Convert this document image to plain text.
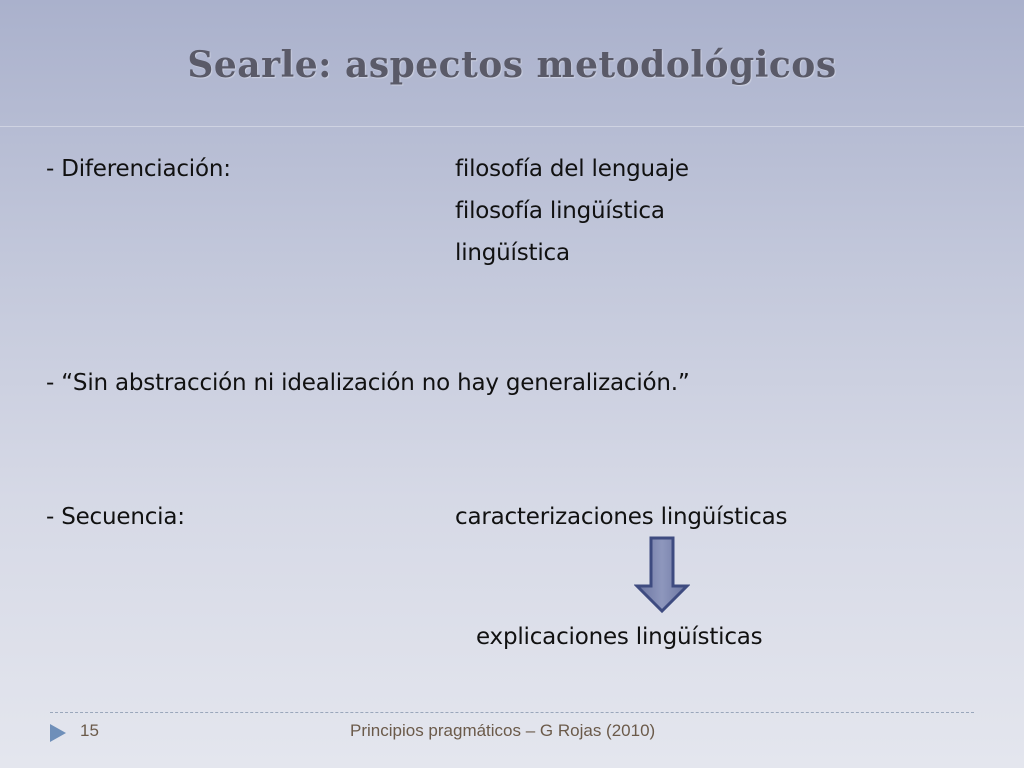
Searle: aspectos metodológicos
- Diferenciación:	filosofía del lenguaje
filosofía lingüística
lingüística
- “Sin abstracción ni idealización no hay generalización.”
- Secuencia:	caracterizaciones lingüísticas
explicaciones lingüísticas
15	Principios pragmáticos – G Rojas (2010)
